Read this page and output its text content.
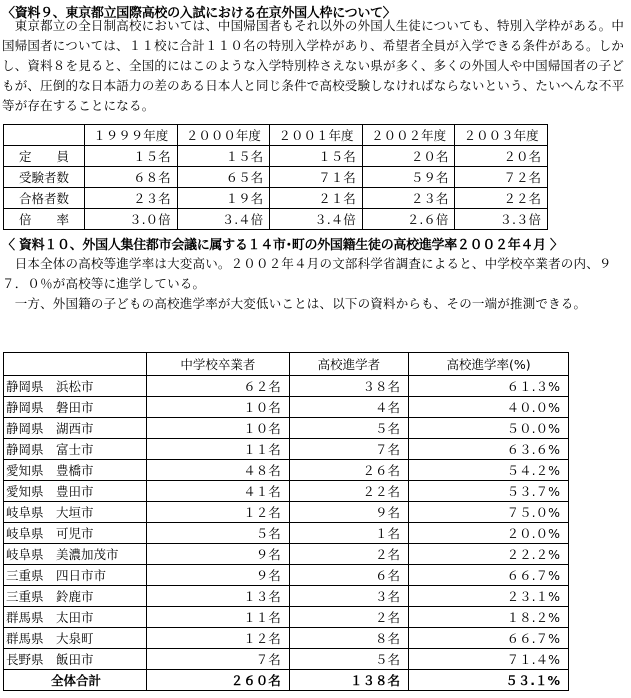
〈資料９、東京都立国際高校の入試における在京外国人枠について〉
　東京都立の全日制高校においては、中国帰国者もそれ以外の外国人生徒についても、特別入学枠がある。中国帰国者については、１１校に合計１１０名の特別入学枠があり、希望者全員が入学できる条件がある。しかし、資料８を見ると、全国的にはこのような入学特別枠さえない県が多く、多くの外国人や中国帰国者の子どもが、圧倒的な日本語力の差のある日本人と同じ条件で高校受験しなければならないという、たいへんな不平等が存在することになる。
	１９９９年度	２０００年度	２００１年度	２００２年度	２００３年度
定　　員	１５名	１５名	１５名	２０名	２０名
受験者数	６８名	６５名	７１名	５９名	７２名
合格者数	２３名	１９名	２１名	２３名	２２名
倍　　率	３.０倍	３.４倍	３.４倍	２.６倍	３.３倍
〈 資料１０、外国人集住都市会議に属する１４市･町の外国籍生徒の高校進学率２００２年４月 〉
　日本全体の高校等進学率は大変高い。２００２年４月の文部科学省調査によると、中学校卒業者の内、９７．０％が高校等に進学している。
　一方、外国籍の子どもの高校進学率が大変低いことは、以下の資料からも、その一端が推測できる。
	中学校卒業者	高校進学者	高校進学率(%)
静岡県　浜松市	６２名	３８名	６１.３%
静岡県　磐田市	１０名	４名	４０.０%
静岡県　湖西市	１０名	５名	５０.０%
静岡県　富士市	１１名	７名	６３.６%
愛知県　豊橋市	４８名	２６名	５４.２%
愛知県　豊田市	４１名	２２名	５３.７%
岐阜県　大垣市	１２名	９名	７５.０%
岐阜県　可児市	５名	１名	２０.０%
岐阜県　美濃加茂市	９名	２名	２２.２%
三重県　四日市市	９名	６名	６６.７%
三重県　鈴鹿市	１３名	３名	２３.１%
群馬県　太田市	１１名	２名	１８.２%
群馬県　大泉町	１２名	８名	６６.７%
長野県　飯田市	７名	５名	７１.４%
全体合計	２６０名	１３８名	５３.１%
